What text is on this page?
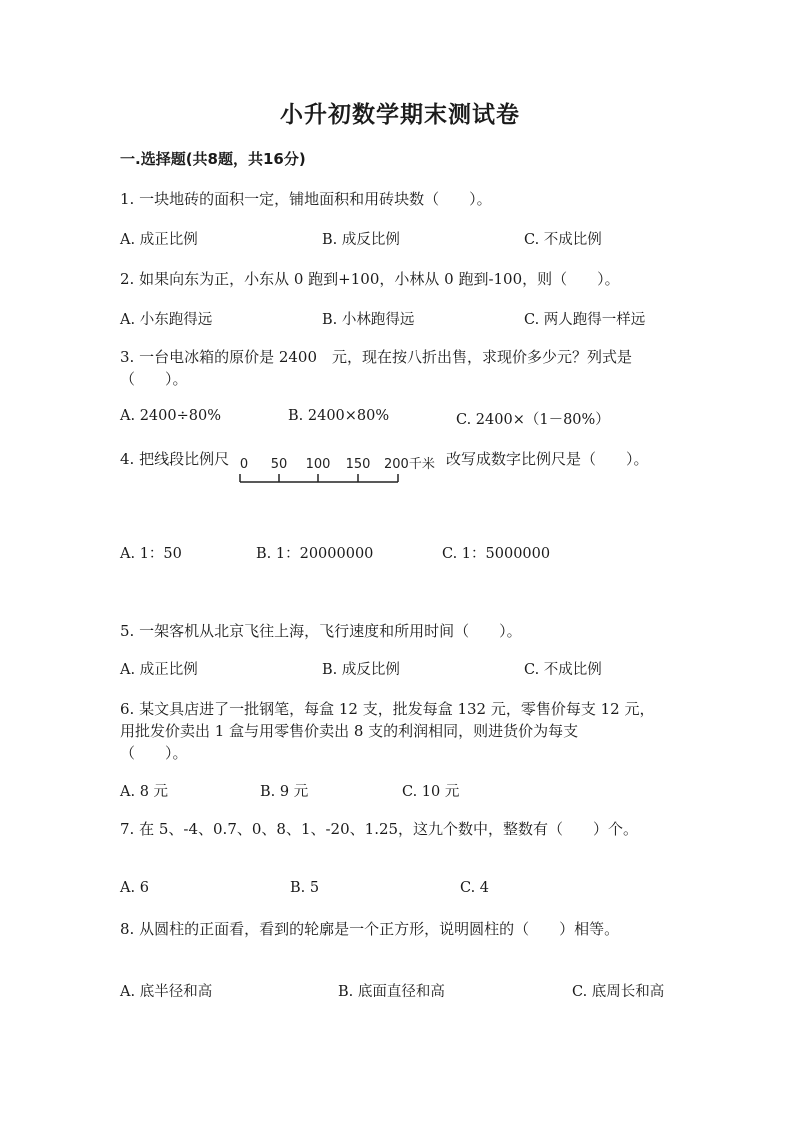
小升初数学期末测试卷
一.选择题(共8题，共16分)
1. 一块地砖的面积一定，铺地面积和用砖块数（　　）。
A. 成正比例	B. 成反比例	C. 不成比例
2. 如果向东为正，小东从 0 跑到+100，小林从 0 跑到-100，则（　　）。
A. 小东跑得远	B. 小林跑得远	C. 两人跑得一样远
3. 一台电冰箱的原价是 2400　元，现在按八折出售，求现价多少元？列式是
（　　）。
A. 2400÷80%	B. 2400×80%	C. 2400×（1－80%）
4. 把线段比例尺 0 50 100 150 200千米 改写成数字比例尺是（　　）。
A. 1：50	B. 1：20000000	C. 1：5000000
5. 一架客机从北京飞往上海，飞行速度和所用时间（　　）。
A. 成正比例	B. 成反比例	C. 不成比例
6. 某文具店进了一批钢笔，每盒 12 支，批发每盒 132 元，零售价每支 12 元，
用批发价卖出 1 盒与用零售价卖出 8 支的利润相同，则进货价为每支
（　　）。
A. 8 元	B. 9 元	C. 10 元
7. 在 5、-4、0.7、0、8、1、-20、1.25，这九个数中，整数有（　　）个。
A. 6	B. 5	C. 4
8. 从圆柱的正面看，看到的轮廓是一个正方形，说明圆柱的（　　）相等。
A. 底半径和高	B. 底面直径和高	C. 底周长和高
